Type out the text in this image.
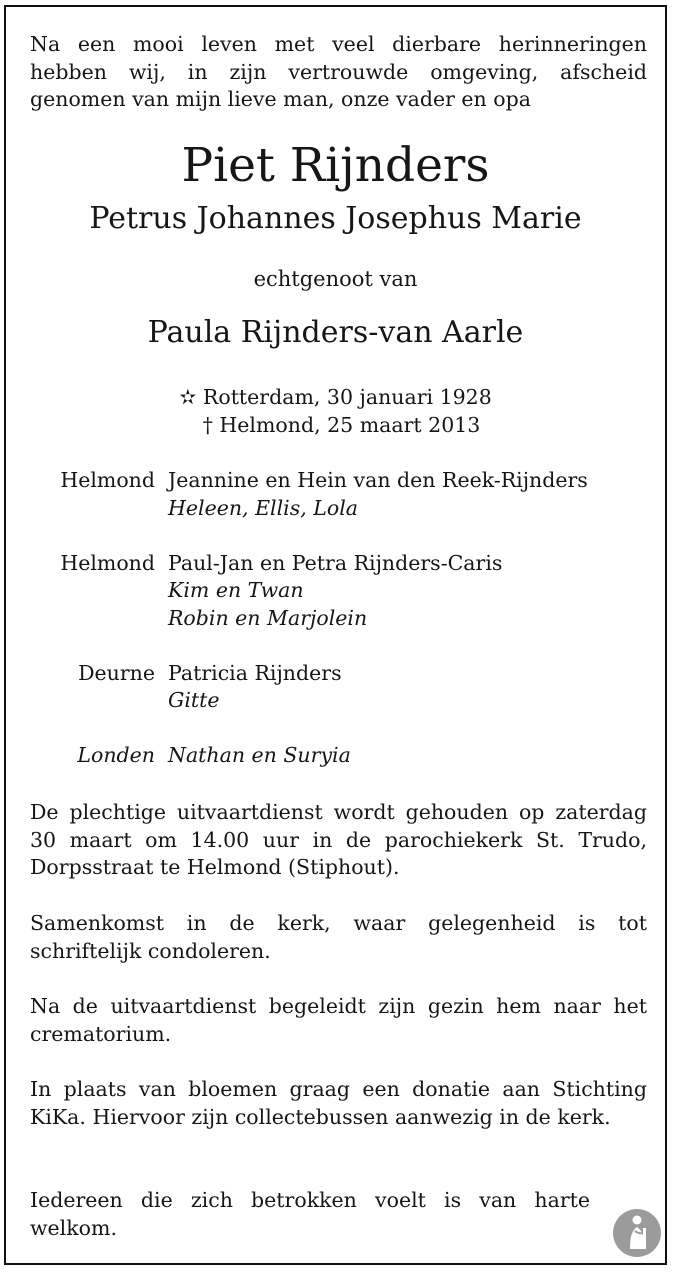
Na een mooi leven met veel dierbare herinneringen hebben wij, in zijn vertrouwde omgeving, afscheid genomen van mijn lieve man, onze vader en opa

Piet Rijnders

Petrus Johannes Josephus Marie

echtgenoot van

Paula Rijnders-van Aarle

✫ Rotterdam, 30 januari 1928
† Helmond, 25 maart 2013
Helmond Jeannine en Hein van den Reek-Rijnders
Heleen, Ellis, Lola
Helmond Paul-Jan en Petra Rijnders-Caris
Kim en Twan
Robin en Marjolein
Deurne Patricia Rijnders
Gitte
Londen Nathan en Suryia

De plechtige uitvaartdienst wordt gehouden op zaterdag 30 maart om 14.00 uur in de parochiekerk St. Trudo, Dorpsstraat te Helmond (Stiphout).

Samenkomst in de kerk, waar gelegenheid is tot schriftelijk condoleren.

Na de uitvaartdienst begeleidt zijn gezin hem naar het crematorium.

In plaats van bloemen graag een donatie aan Stichting KiKa. Hiervoor zijn collectebussen aanwezig in de kerk.

Iedereen die zich betrokken voelt is van harte welkom.
